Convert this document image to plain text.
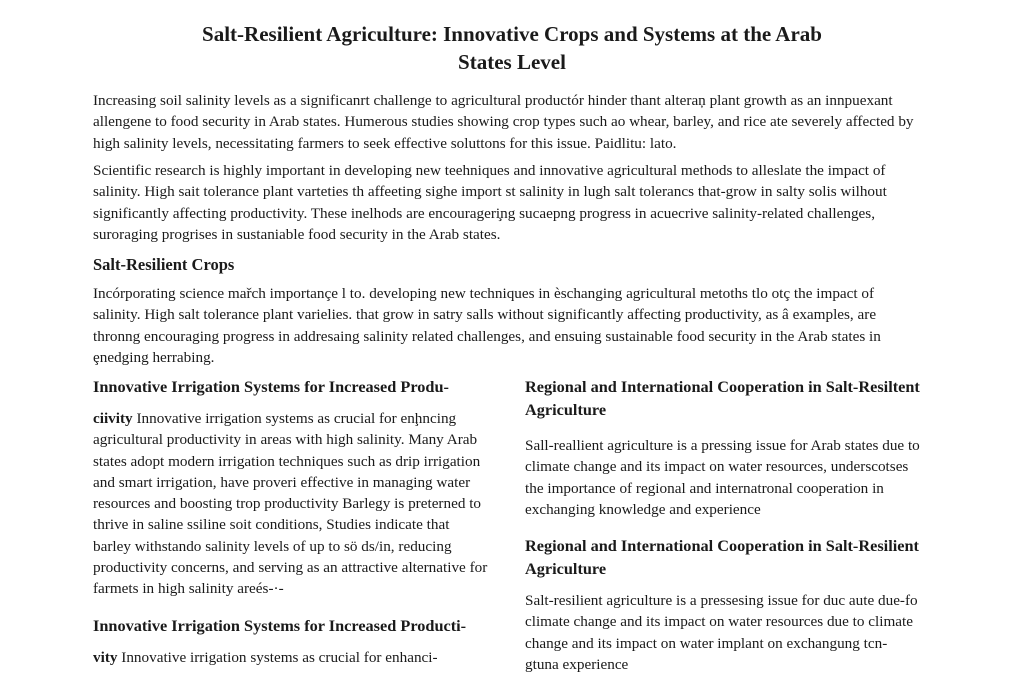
Salt-Resilient Agriculture: Innovative Crops and Systems at the Arab
States Level

Increasing soil salinity levels as a significanrt challenge to agricultural productór hinder thant alteraņ plant growth as an innpuexant allengene to food security in Arab states. Humerous studies showing crop types such ao whear, barley, and rice ate severely affected by high salinity levels, necessitating farmers to seek effective soluttons for this issue. Paidlitu: lato.

Scientific research is highly important in developing new teehniques and innovative agricultural methods to alleslate the impact of salinity. High sait tolerance plant varteties th affeeting sighe import st salinity in lugh salt tolerancs that-grow in salty solis wilhout significantly affecting productivity. These inelhods are encourageri̧ng sucaepng progress in acuecrive salinity-related challenges, suroraging progrises in sustaniable food security in the Arab states.

Salt-Resilient Crops

Incórporating science mařch importançe l to. developing new techniques in èschanging agricultural metoths tlo otç the impact of salinity. High salt tolerance plant varielies. that grow in satry salls without significantly affecting productivity, as â examples, are thronng encouraging progress in addresaing salinity related challenges, and ensuing sustainable food security in the Arab states in ȩnedging herrabing.

Innovative Irrigation Systems for Increased Produ-

ciivity Innovative irrigation systems as crucial for enḩncing agricultural productivity in areas with high salinity. Many Arab states adopt modern irrigation techniques such as drip irrigation and smart irrigation, have proveri effective in managing water resources and boosting trop productivity Barlegy is preterned to thrive in saline ssiline soit conditions, Studies indicate that barley withstando salinity levels of up to sö ds/in, reducing productivity concerns, and serving as an attractive alternative for farmets in high salinity areés-·-

Innovative Irrigation Systems for Increased Producti-

vity Innovative irrigation systems as crucial for enhanci-

Regional and International Cooperation in Salt-Resiltent Agriculture

Sall-reallient agriculture is a pressing issue for Arab states due to climate change and its impact on water resources, underscotses the importance of regional and internatronal cooperation in exchanging knowledge and experience

Regional and International Cooperation in Salt-Resilient Agriculture

Salt-resilient agriculture is a pressesing issue for duc aute due-fo climate change and its impact on water resources due to climate change and its impact on water implant on exchangung tcn-gtuna experience
